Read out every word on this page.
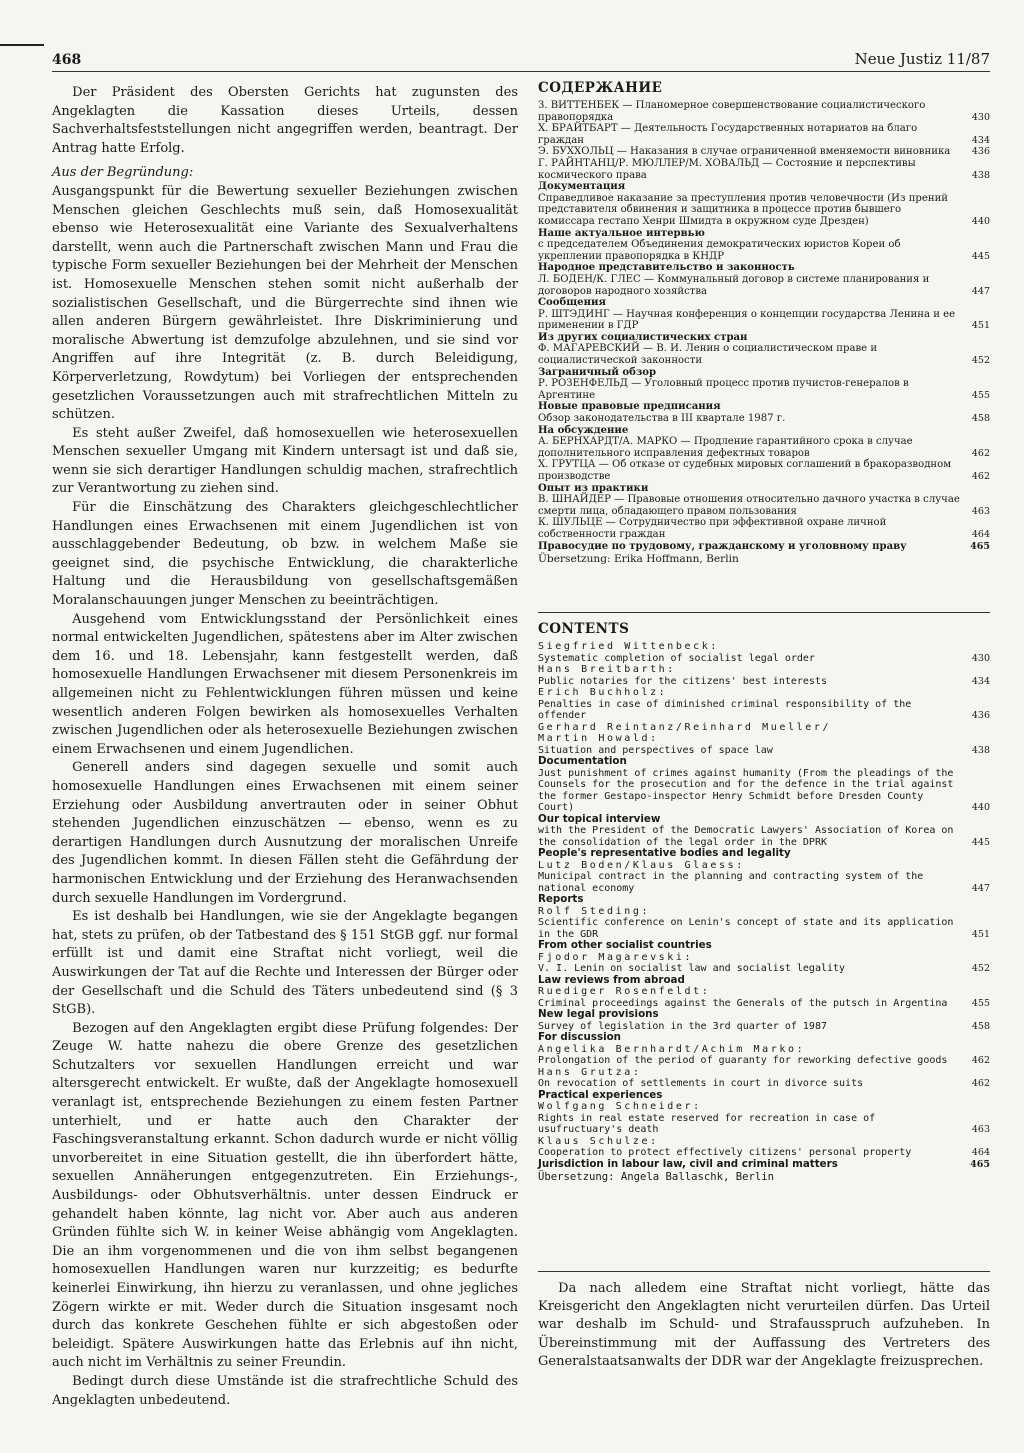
468	Neue Justiz 11/87

Der Präsident des Obersten Gerichts hat zugunsten des Angeklagten die Kassation dieses Urteils, dessen Sachverhaltsfeststellungen nicht angegriffen werden, beantragt. Der Antrag hatte Erfolg.

Aus der Begründung:

Ausgangspunkt für die Bewertung sexueller Beziehungen zwischen Menschen gleichen Geschlechts muß sein, daß Homosexualität ebenso wie Heterosexualität eine Variante des Sexualverhaltens darstellt, wenn auch die Partnerschaft zwischen Mann und Frau die typische Form sexueller Beziehungen bei der Mehrheit der Menschen ist. Homosexuelle Menschen stehen somit nicht außerhalb der sozialistischen Gesellschaft, und die Bürgerrechte sind ihnen wie allen anderen Bürgern gewährleistet. Ihre Diskriminierung und moralische Abwertung ist demzufolge abzulehnen, und sie sind vor Angriffen auf ihre Integrität (z. B. durch Beleidigung, Körperverletzung, Rowdytum) bei Vorliegen der entsprechenden gesetzlichen Voraussetzungen auch mit strafrechtlichen Mitteln zu schützen.

Es steht außer Zweifel, daß homosexuellen wie heterosexuellen Menschen sexueller Umgang mit Kindern untersagt ist und daß sie, wenn sie sich derartiger Handlungen schuldig machen, strafrechtlich zur Verantwortung zu ziehen sind.

Für die Einschätzung des Charakters gleichgeschlechtlicher Handlungen eines Erwachsenen mit einem Jugendlichen ist von ausschlaggebender Bedeutung, ob bzw. in welchem Maße sie geeignet sind, die psychische Entwicklung, die charakterliche Haltung und die Herausbildung von gesellschaftsgemäßen Moralanschauungen junger Menschen zu beeinträchtigen.

Ausgehend vom Entwicklungsstand der Persönlichkeit eines normal entwickelten Jugendlichen, spätestens aber im Alter zwischen dem 16. und 18. Lebensjahr, kann festgestellt werden, daß homosexuelle Handlungen Erwachsener mit diesem Personenkreis im allgemeinen nicht zu Fehlentwicklungen führen müssen und keine wesentlich anderen Folgen bewirken als homosexuelles Verhalten zwischen Jugendlichen oder als heterosexuelle Beziehungen zwischen einem Erwachsenen und einem Jugendlichen.

Generell anders sind dagegen sexuelle und somit auch homosexuelle Handlungen eines Erwachsenen mit einem seiner Erziehung oder Ausbildung anvertrauten oder in seiner Obhut stehenden Jugendlichen einzuschätzen — ebenso, wenn es zu derartigen Handlungen durch Ausnutzung der moralischen Unreife des Jugendlichen kommt. In diesen Fällen steht die Gefährdung der harmonischen Entwicklung und der Erziehung des Heranwachsenden durch sexuelle Handlungen im Vordergrund.

Es ist deshalb bei Handlungen, wie sie der Angeklagte begangen hat, stets zu prüfen, ob der Tatbestand des § 151 StGB ggf. nur formal erfüllt ist und damit eine Straftat nicht vorliegt, weil die Auswirkungen der Tat auf die Rechte und Interessen der Bürger oder der Gesellschaft und die Schuld des Täters unbedeutend sind (§ 3 StGB).

Bezogen auf den Angeklagten ergibt diese Prüfung folgendes: Der Zeuge W. hatte nahezu die obere Grenze des gesetzlichen Schutzalters vor sexuellen Handlungen erreicht und war altersgerecht entwickelt. Er wußte, daß der Angeklagte homosexuell veranlagt ist, entsprechende Beziehungen zu einem festen Partner unterhielt, und er hatte auch den Charakter der Faschingsveranstaltung erkannt. Schon dadurch wurde er nicht völlig unvorbereitet in eine Situation gestellt, die ihn überfordert hätte, sexuellen Annäherungen entgegenzutreten. Ein Erziehungs-, Ausbildungs- oder Obhutsverhältnis. unter dessen Eindruck er gehandelt haben könnte, lag nicht vor. Aber auch aus anderen Gründen fühlte sich W. in keiner Weise abhängig vom Angeklagten. Die an ihm vorgenommenen und die von ihm selbst begangenen homosexuellen Handlungen waren nur kurzzeitig; es bedurfte keinerlei Einwirkung, ihn hierzu zu veranlassen, und ohne jegliches Zögern wirkte er mit. Weder durch die Situation insgesamt noch durch das konkrete Geschehen fühlte er sich abgestoßen oder beleidigt. Spätere Auswirkungen hatte das Erlebnis auf ihn nicht, auch nicht im Verhältnis zu seiner Freundin.

Bedingt durch diese Umstände ist die strafrechtliche Schuld des Angeklagten unbedeutend.

СОДЕРЖАНИЕ
З. ВИТТЕНБЕК — Планомерное совершенствование социалистического правопорядка	430
X. БРАЙТБАРТ — Деятельность Государственных нотариатов на благо граждан	434
Э. БУХХОЛЬЦ — Наказания в случае ограниченной вменяемости виновника	436
Г. РАЙНТАНЦ/Р. МЮЛЛЕР/М. ХОВАЛЬД — Состояние и перспективы космического права	438
Документация
Справедливое наказание за преступления против человечности (Из прений представителя обвинения и защитника в процессе против бывшего комиссара гестапо Хенри Шмидта в окружном суде Дрезден)	440
Наше актуальное интервью
с председателем Объединения демократических юристов Кореи об укреплении правопорядка в КНДР	445
Народное представительство и законность
Л. БОДЕН/К. ГЛЕС — Коммунальный договор в системе планирования и договоров народного хозяйства	447
Сообщения
Р. ШТЭДИНГ — Научная конференция о концепции государства Ленина и ее применении в ГДР	451
Из других социалистических стран
Ф. МАГАРЕВСКИЙ — В. И. Ленин о социалистическом праве и социалистической законности	452
Заграничный обзор
Р. РОЗЕНФЕЛЬД — Уголовный процесс против пучистов-генералов в Аргентине	455
Новые правовые предписания
Обзор законодательства в III квартале 1987 г.	458
На обсуждение
А. БЕРНХАРДТ/А. МАРКО — Продление гарантийного срока в случае дополнительного исправления дефектных товаров	462
Х. ГРУТЦА — Об отказе от судебных мировых соглашений в бракоразводном производстве	462
Опыт из практики
В. ШНАЙДЕР — Правовые отношения относительно дачного участка в случае смерти лица, обладающего правом пользования	463
К. ШУЛЬЦЕ — Сотрудничество при эффективной охране личной собственности граждан	464
Правосудие по трудовому, гражданскому и уголовному праву	465
Übersetzung: Erika Hoffmann, Berlin
CONTENTS
Siegfried Wittenbeck:
Systematic completion of socialist legal order	430
Hans Breitbarth:
Public notaries for the citizens' best interests	434
Erich Buchholz:
Penalties in case of diminished criminal responsibility of the offender	436
Gerhard Reintanz/Reinhard Mueller/
Martin Howald:
Situation and perspectives of space law	438
Documentation
Just punishment of crimes against humanity (From the pleadings of the Counsels for the prosecution and for the defence in the trial against the former Gestapo-inspector Henry Schmidt before Dresden County Court)	440
Our topical interview
with the President of the Democratic Lawyers' Association of Korea on the consolidation of the legal order in the DPRK	445
People's representative bodies and legality
Lutz Boden/Klaus Glaess:
Municipal contract in the planning and contracting system of the national economy	447
Reports
Rolf Steding:
Scientific conference on Lenin's concept of state and its application in the GDR	451
From other socialist countries
Fjodor Magarevski:
V. I. Lenin on socialist law and socialist legality	452
Law reviews from abroad
Ruediger Rosenfeldt:
Criminal proceedings against the Generals of the putsch in Argentina	455
New legal provisions
Survey of legislation in the 3rd quarter of 1987	458
For discussion
Angelika Bernhardt/Achim Marko:
Prolongation of the period of guaranty for reworking defective goods	462
Hans Grutza:
On revocation of settlements in court in divorce suits	462
Practical experiences
Wolfgang Schneider:
Rights in real estate reserved for recreation in case of usufructuary's death	463
Klaus Schulze:
Cooperation to protect effectively citizens' personal property	464
Jurisdiction in labour law, civil and criminal matters	465
Übersetzung: Angela Ballaschk, Berlin

Da nach alledem eine Straftat nicht vorliegt, hätte das Kreisgericht den Angeklagten nicht verurteilen dürfen. Das Urteil war deshalb im Schuld- und Strafausspruch aufzuheben. In Übereinstimmung mit der Auffassung des Vertreters des Generalstaatsanwalts der DDR war der Angeklagte freizusprechen.
